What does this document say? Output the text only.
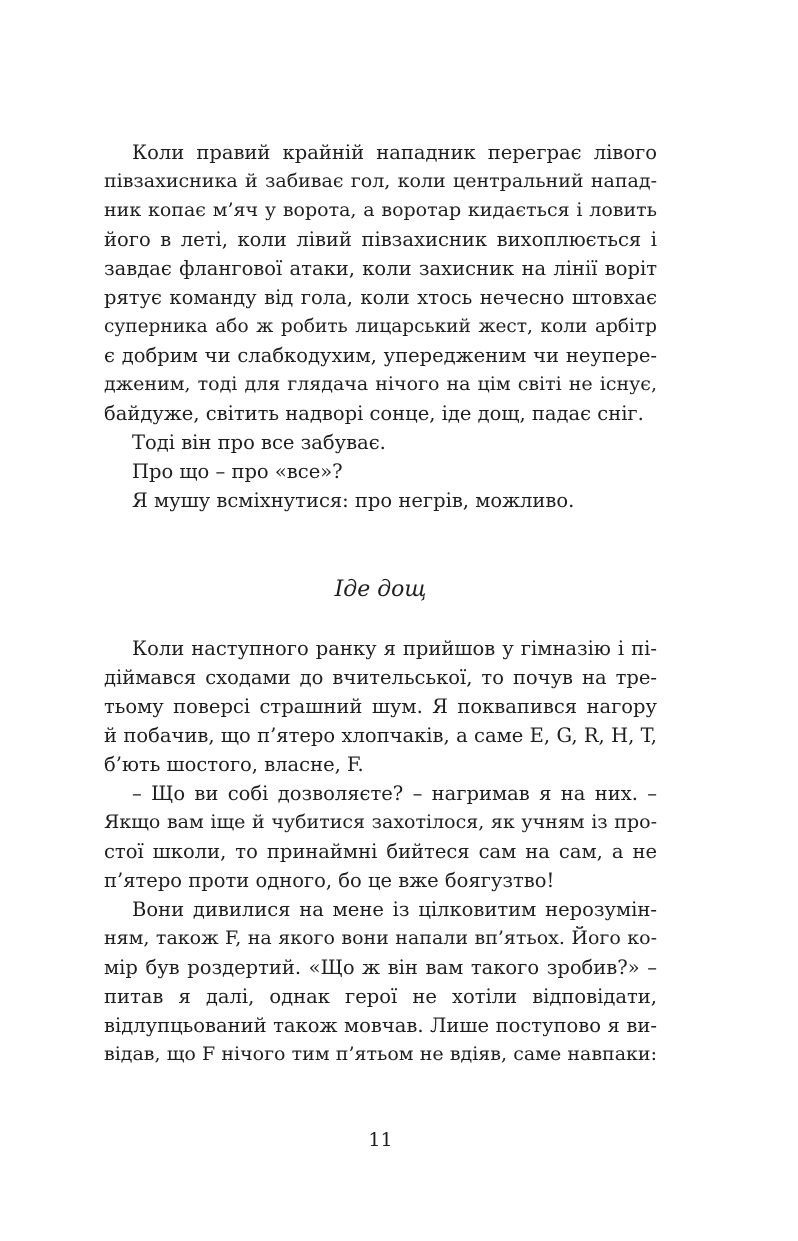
Коли правий крайній нападник переграє лівого
півзахисника й забиває гол, коли центральний напад-
ник копає м’яч у ворота, а воротар кидається і ловить
його в леті, коли лівий півзахисник вихоплюється і
завдає флангової атаки, коли захисник на лінії воріт
рятує команду від гола, коли хтось нечесно штовхає
суперника або ж робить лицарський жест, коли арбітр
є добрим чи слабкодухим, упередженим чи неупере-
дженим, тоді для глядача нічого на цім світі не існує,
байдуже, світить надворі сонце, іде дощ, падає сніг.
Тоді він про все забуває.
Про що – про «все»?
Я мушу всміхнутися: про негрів, можливо.
Іде дощ
Коли наступного ранку я прийшов у гімназію і пі-
діймався сходами до вчительської, то почув на тре-
тьому поверсі страшний шум. Я поквапився нагору
й побачив, що п’ятеро хлопчаків, а саме E, G, R, H, T,
б’ють шостого, власне, F.
– Що ви собі дозволяєте? – нагримав я на них. –
Якщо вам іще й чубитися захотілося, як учням із про-
стої школи, то принаймні бийтеся сам на сам, а не
п’ятеро проти одного, бо це вже боягузтво!
Вони дивилися на мене із цілковитим нерозумін-
ням, також F, на якого вони напали вп’ятьох. Його ко-
мір був роздертий. «Що ж він вам такого зробив?» –
питав я далі, однак герої не хотіли відповідати,
відлупцьований також мовчав. Лише поступово я ви-
відав, що F нічого тим п’ятьом не вдіяв, саме навпаки:
11
